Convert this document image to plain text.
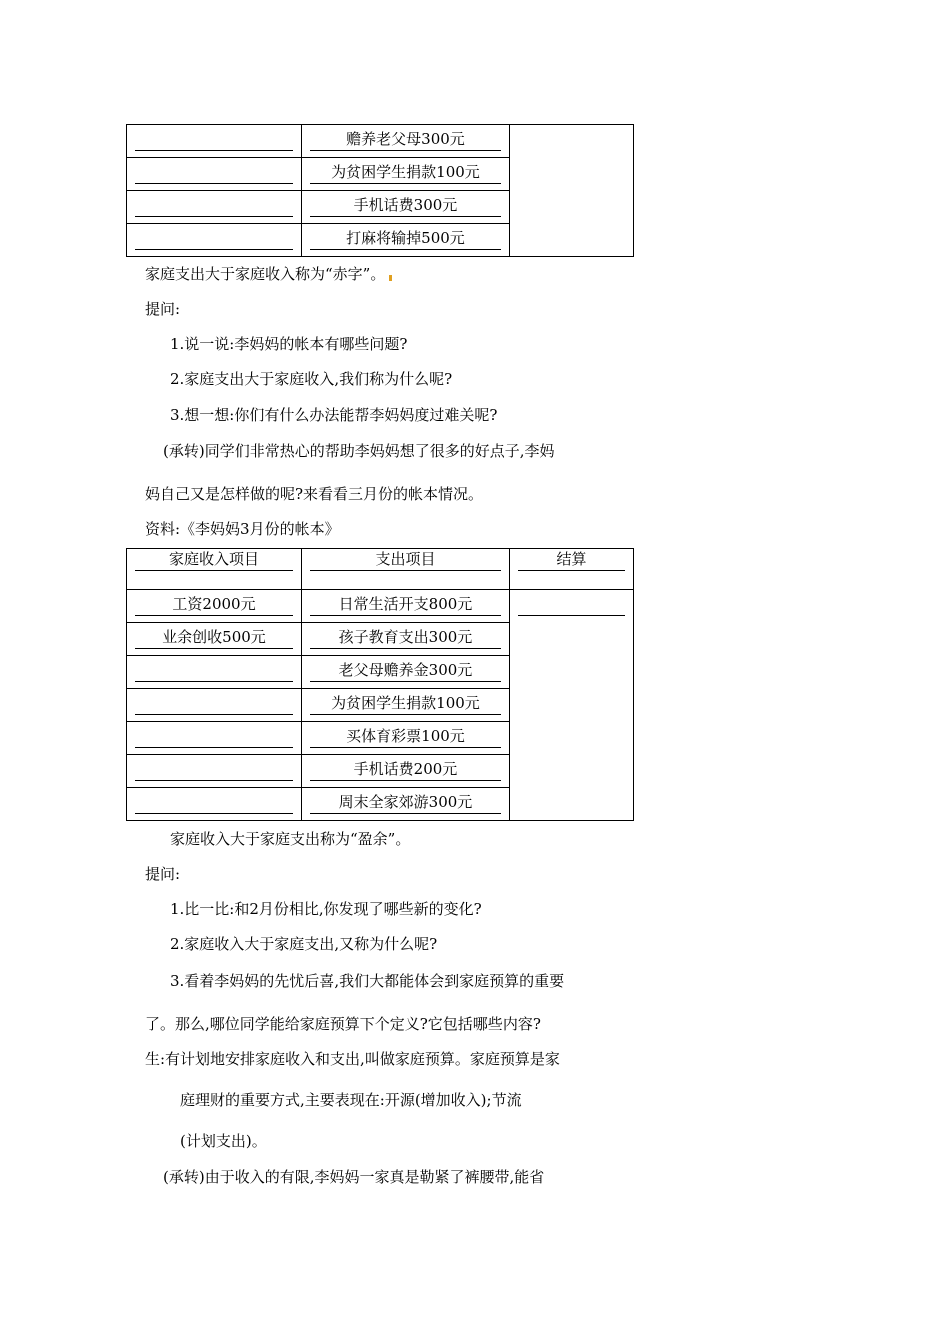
	赡养老父母300元	

	为贫困学生捐款100元	

	手机话费300元	

	打麻将输掉500元	
家庭支出大于家庭收入称为“赤字”。
提问:
1.说一说:李妈妈的帐本有哪些问题?
2.家庭支出大于家庭收入,我们称为什么呢?
3.想一想:你们有什么办法能帮李妈妈度过难关呢?
(承转)同学们非常热心的帮助李妈妈想了很多的好点子,李妈
妈自己又是怎样做的呢?来看看三月份的帐本情况。
资料:《李妈妈3月份的帐本》
家庭收入项目	支出项目	结算

工资2000元	日常生活开支800元	

业余创收500元	孩子教育支出300元	

	老父母赡养金300元	

	为贫困学生捐款100元	

	买体育彩票100元	

	手机话费200元	

	周末全家郊游300元	
家庭收入大于家庭支出称为“盈余”。
提问:
1.比一比:和2月份相比,你发现了哪些新的变化?
2.家庭收入大于家庭支出,又称为什么呢?
3.看着李妈妈的先忧后喜,我们大都能体会到家庭预算的重要
了。那么,哪位同学能给家庭预算下个定义?它包括哪些内容?
生:有计划地安排家庭收入和支出,叫做家庭预算。家庭预算是家
庭理财的重要方式,主要表现在:开源(增加收入);节流
(计划支出)。
(承转)由于收入的有限,李妈妈一家真是勒紧了裤腰带,能省
